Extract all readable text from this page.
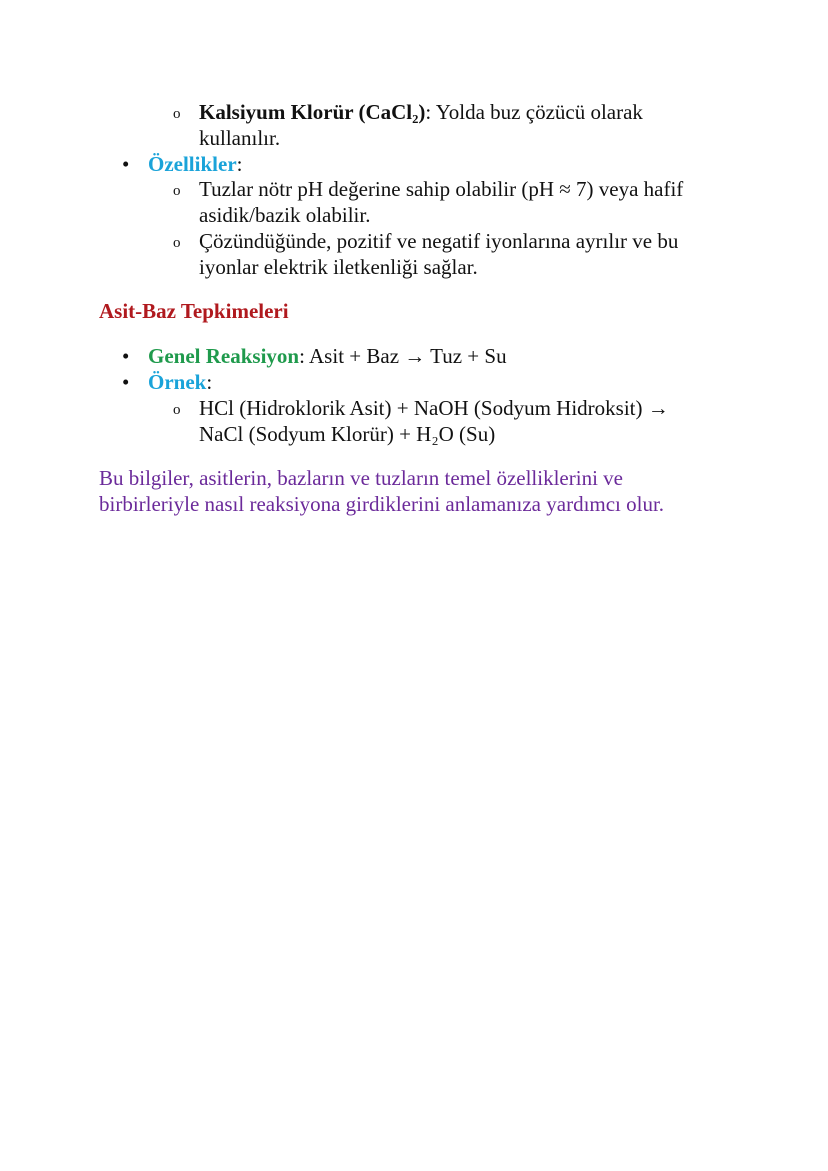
o Kalsiyum Klorür (CaCl₂): Yolda buz çözücü olarak
kullanılır.
• Özellikler:
o Tuzlar nötr pH değerine sahip olabilir (pH ≈ 7) veya hafif
asidik/bazik olabilir.
o Çözündüğünde, pozitif ve negatif iyonlarına ayrılır ve bu
iyonlar elektrik iletkenliği sağlar.
Asit-Baz Tepkimeleri
• Genel Reaksiyon: Asit + Baz → Tuz + Su
• Örnek:
o HCl (Hidroklorik Asit) + NaOH (Sodyum Hidroksit) →
NaCl (Sodyum Klorür) + H₂O (Su)
Bu bilgiler, asitlerin, bazların ve tuzların temel özelliklerini ve
birbirleriyle nasıl reaksiyona girdiklerini anlamanıza yardımcı olur.
